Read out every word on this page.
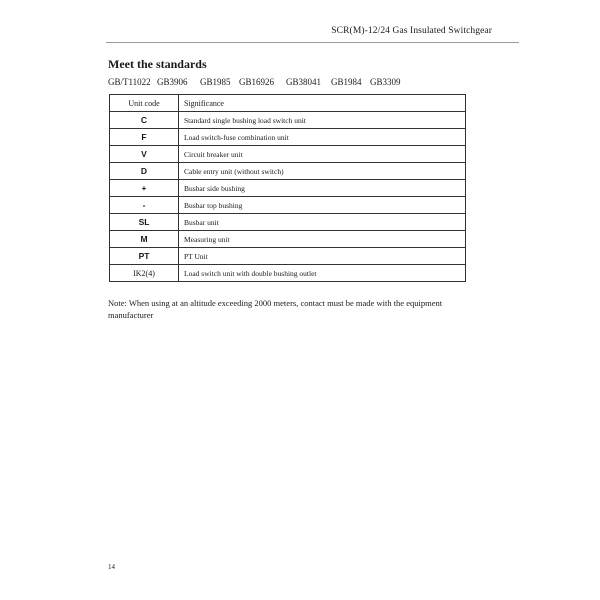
SCR(M)-12/24 Gas Insulated Switchgear
Meet the standards
GB/T11022 GB3906 GB1985 GB16926 GB38041 GB1984 GB3309
Unit code	Significance
C	Standard single bushing load switch unit
F	Load switch-fuse combination unit
V	Circuit breaker unit
D	Cable entry unit (without switch)
+	Busbar side bushing
-	Busbar top bushing
SL	Busbar unit
M	Measuring unit
PT	PT Unit
IK2(4)	Load switch unit with double bushing outlet
Note: When using at an altitude exceeding 2000 meters, contact must be made with the equipment manufacturer
14
